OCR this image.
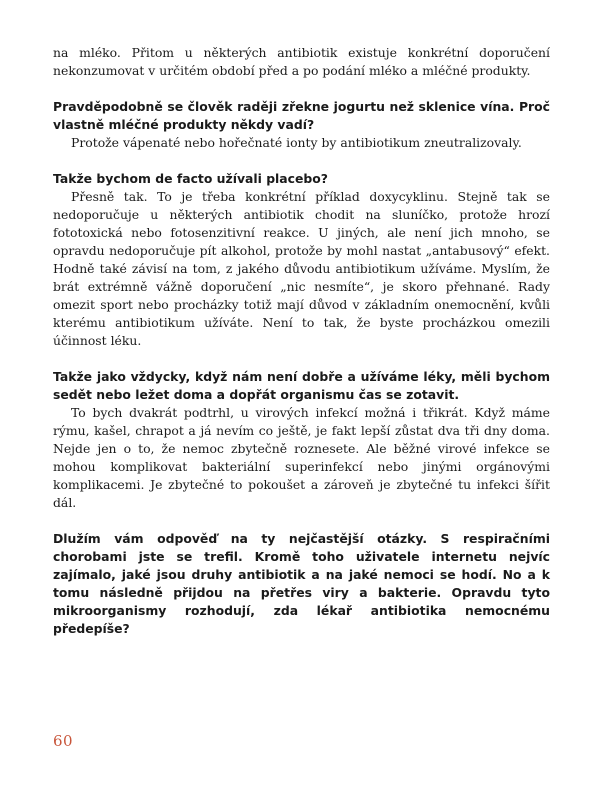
na mléko. Přitom u některých antibiotik existuje konkrétní doporučení nekonzumovat v určitém období před a po podání mléko a mléčné produkty.

Pravděpodobně se člověk raději zřekne jogurtu než sklenice vína. Proč vlastně mléčné produkty někdy vadí?

Protože vápenaté nebo hořečnaté ionty by antibiotikum zneutralizovaly.

Takže bychom de facto užívali placebo?

Přesně tak. To je třeba konkrétní příklad doxycyklinu. Stejně tak se nedoporučuje u některých antibiotik chodit na sluníčko, protože hrozí fototoxická nebo fotosenzitivní reakce. U jiných, ale není jich mnoho, se opravdu nedoporučuje pít alkohol, protože by mohl nastat „antabusový“ efekt. Hodně také závisí na tom, z jakého důvodu antibiotikum užíváme. Myslím, že brát extrémně vážně doporučení „nic nesmíte“, je skoro přehnané. Rady omezit sport nebo procházky totiž mají důvod v základním onemocnění, kvůli kterému antibiotikum užíváte. Není to tak, že byste procházkou omezili účinnost léku.

Takže jako vždycky, když nám není dobře a užíváme léky, měli bychom sedět nebo ležet doma a dopřát organismu čas se zotavit.

To bych dvakrát podtrhl, u virových infekcí možná i třikrát. Když máme rýmu, kašel, chrapot a já nevím co ještě, je fakt lepší zůstat dva tři dny doma. Nejde jen o to, že nemoc zbytečně roznesete. Ale běžné virové infekce se mohou komplikovat bakteriální superinfekcí nebo jinými orgánovými komplikacemi. Je zbytečné to pokoušet a zároveň je zbytečné tu infekci šířit dál.

Dlužím vám odpověď na ty nejčastější otázky. S respiračními chorobami jste se trefil. Kromě toho uživatele internetu nejvíc zajímalo, jaké jsou druhy antibiotik a na jaké nemoci se hodí. No a k tomu následně přijdou na přetřes viry a bakterie. Opravdu tyto mikroorganismy rozhodují, zda lékař antibiotika nemocnému předepíše?

60
